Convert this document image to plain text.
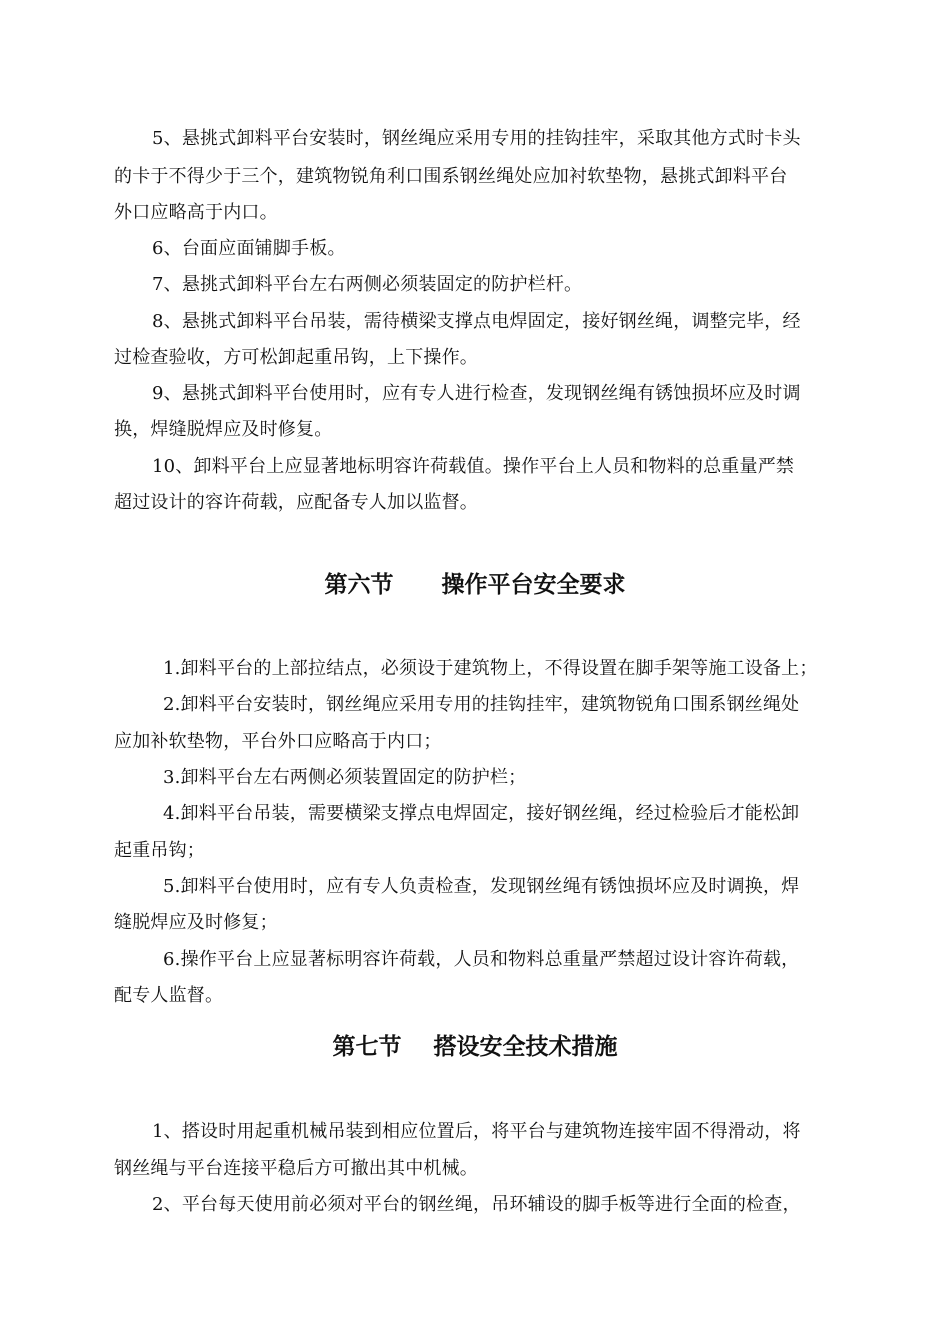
5、悬挑式卸料平台安装时，钢丝绳应采用专用的挂钩挂牢，采取其他方式时卡头
的卡于不得少于三个，建筑物锐角利口围系钢丝绳处应加衬软垫物，悬挑式卸料平台
外口应略高于内口。
6、台面应面铺脚手板。
7、悬挑式卸料平台左右两侧必须装固定的防护栏杆。
8、悬挑式卸料平台吊装，需待横梁支撑点电焊固定，接好钢丝绳，调整完毕，经
过检查验收，方可松卸起重吊钩，上下操作。
9、悬挑式卸料平台使用时，应有专人进行检查，发现钢丝绳有锈蚀损坏应及时调
换，焊缝脱焊应及时修复。
10、卸料平台上应显著地标明容许荷载值。操作平台上人员和物料的总重量严禁
超过设计的容许荷载，应配备专人加以监督。
第六节      操作平台安全要求
1.卸料平台的上部拉结点，必须设于建筑物上，不得设置在脚手架等施工设备上；
2.卸料平台安装时，钢丝绳应采用专用的挂钩挂牢，建筑物锐角口围系钢丝绳处
应加补软垫物，平台外口应略高于内口；
3.卸料平台左右两侧必须装置固定的防护栏；
4.卸料平台吊装，需要横梁支撑点电焊固定，接好钢丝绳，经过检验后才能松卸
起重吊钩；
5.卸料平台使用时，应有专人负责检查，发现钢丝绳有锈蚀损坏应及时调换，焊
缝脱焊应及时修复；
6.操作平台上应显著标明容许荷载，人员和物料总重量严禁超过设计容许荷载，
配专人监督。
第七节    搭设安全技术措施
1、搭设时用起重机械吊装到相应位置后，将平台与建筑物连接牢固不得滑动，将
钢丝绳与平台连接平稳后方可撤出其中机械。
2、平台每天使用前必须对平台的钢丝绳，吊环辅设的脚手板等进行全面的检查，
